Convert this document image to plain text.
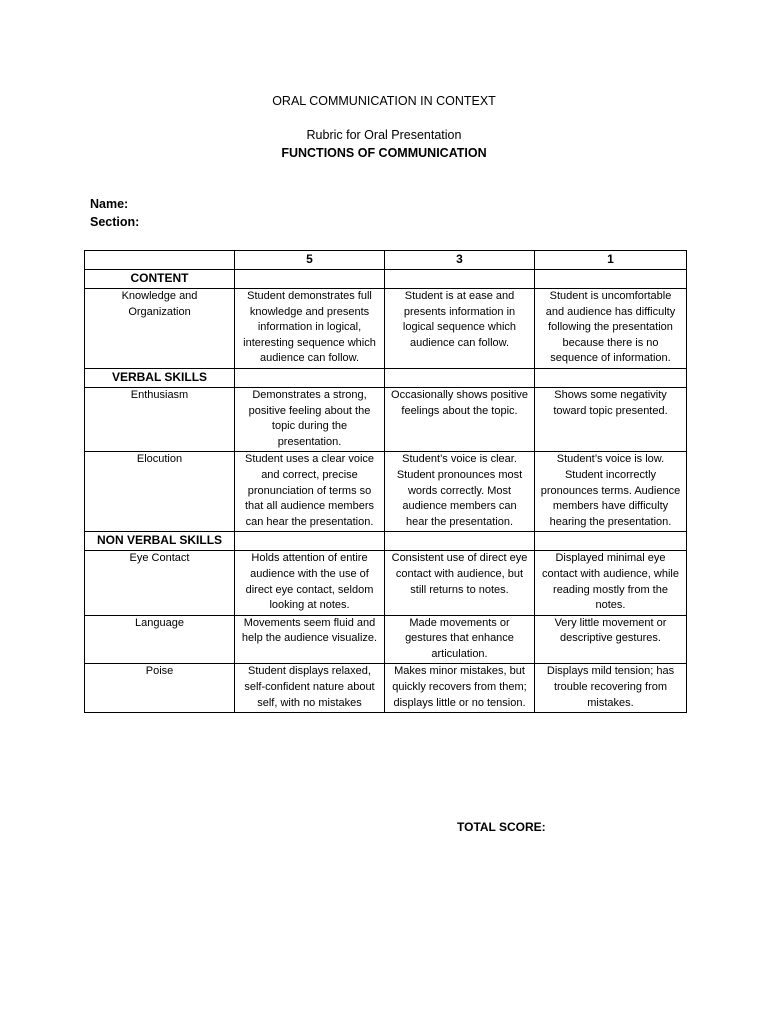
ORAL COMMUNICATION IN CONTEXT
Rubric for Oral Presentation
FUNCTIONS OF COMMUNICATION
Name:
Section:
	5	3	1
CONTENT			
Knowledge and Organization	Student demonstrates full knowledge and presents information in logical, interesting sequence which audience can follow.	Student is at ease and presents information in logical sequence which audience can follow.	Student is uncomfortable and audience has difficulty following the presentation because there is no sequence of information.
VERBAL SKILLS			
Enthusiasm	Demonstrates a strong, positive feeling about the topic during the presentation.	Occasionally shows positive feelings about the topic.	Shows some negativity toward topic presented.
Elocution	Student uses a clear voice and correct, precise pronunciation of terms so that all audience members can hear the presentation.	Student’s voice is clear. Student pronounces most words correctly. Most audience members can hear the presentation.	Student’s voice is low. Student incorrectly pronounces terms. Audience members have difficulty hearing the presentation.
NON VERBAL SKILLS			
Eye Contact	Holds attention of entire audience with the use of direct eye contact, seldom looking at notes.	Consistent use of direct eye contact with audience, but still returns to notes.	Displayed minimal eye contact with audience, while reading mostly from the notes.
Language	Movements seem fluid and help the audience visualize.	Made movements or gestures that enhance articulation.	Very little movement or descriptive gestures.
Poise	Student displays relaxed, self-confident nature about self, with no mistakes	Makes minor mistakes, but quickly recovers from them; displays little or no tension.	Displays mild tension; has trouble recovering from mistakes.
TOTAL SCORE:
